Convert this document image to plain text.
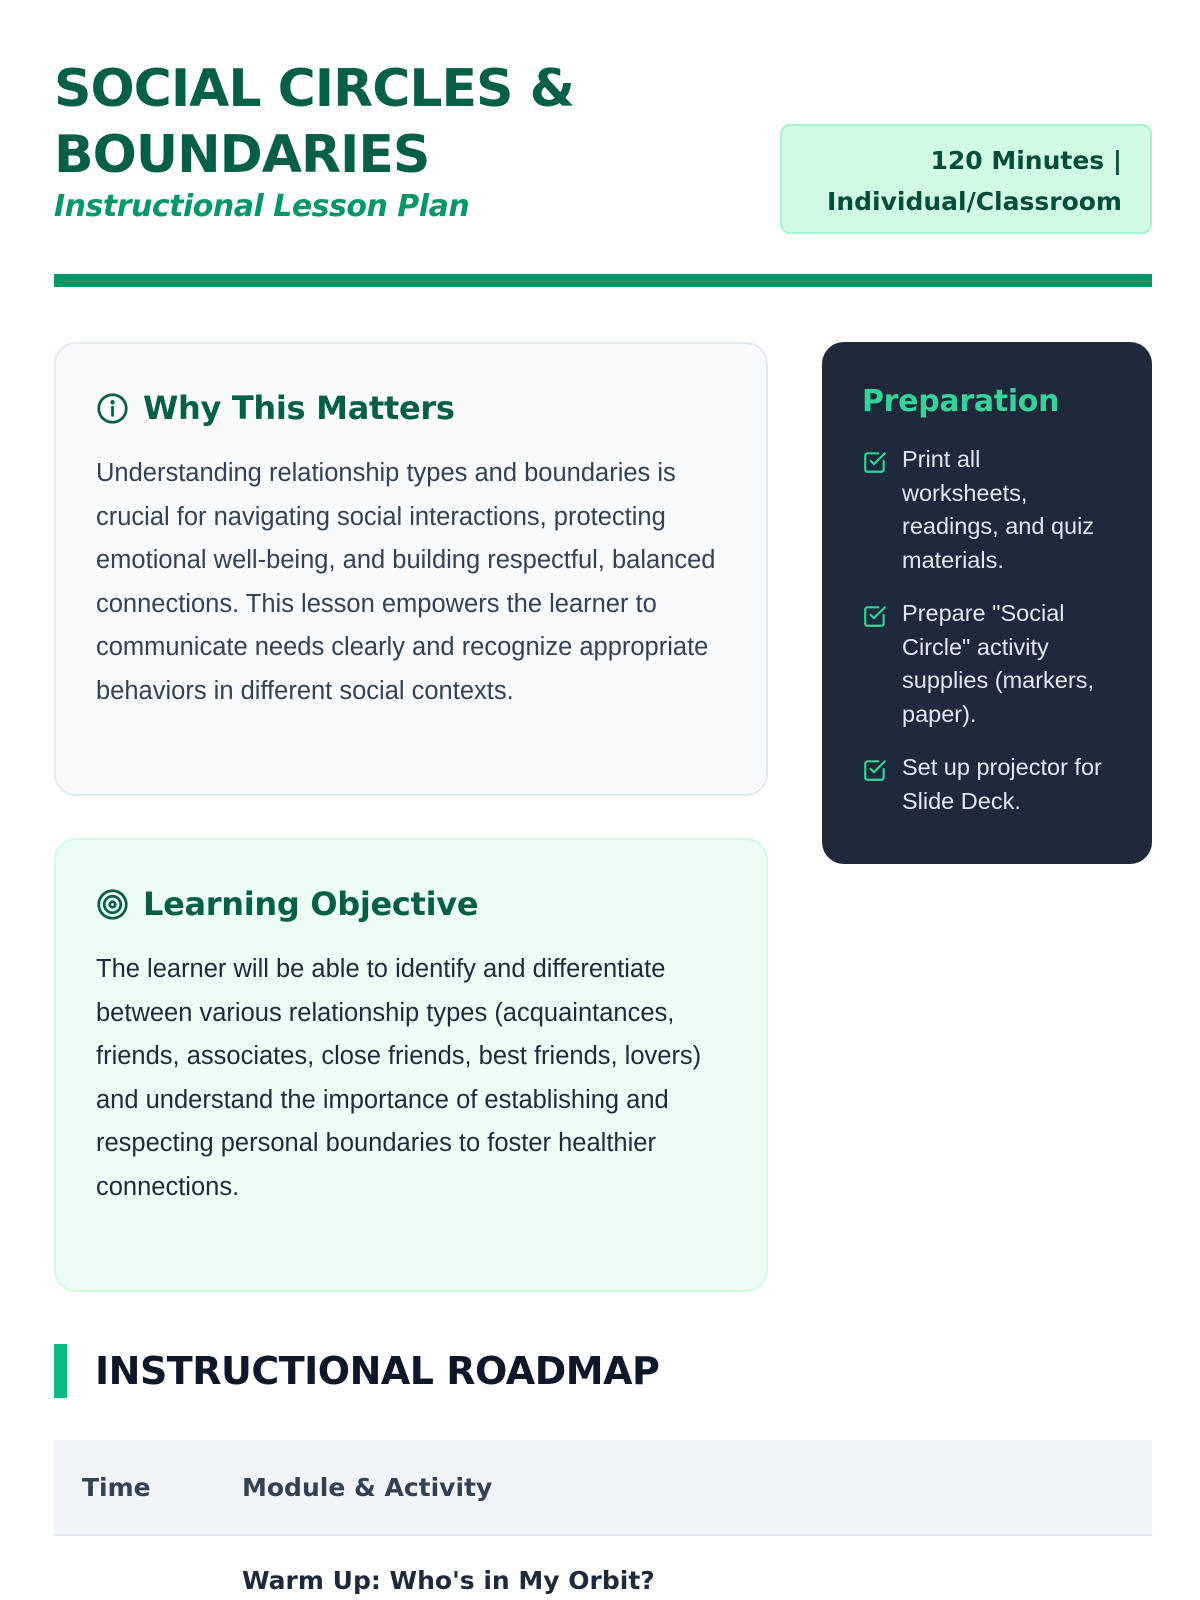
SOCIAL CIRCLES & BOUNDARIES
Instructional Lesson Plan
120 Minutes | Individual/Classroom
Why This Matters

Understanding relationship types and boundaries is crucial for navigating social interactions, protecting emotional well-being, and building respectful, balanced connections. This lesson empowers the learner to communicate needs clearly and recognize appropriate behaviors in different social contexts.

Learning Objective

The learner will be able to identify and differentiate between various relationship types (acquaintances, friends, associates, close friends, best friends, lovers) and understand the importance of establishing and respecting personal boundaries to foster healthier connections.

Preparation
Print all worksheets, readings, and quiz materials.
Prepare "Social Circle" activity supplies (markers, paper).
Set up projector for Slide Deck.
INSTRUCTIONAL ROADMAP
Time	Module & Activity
Warm Up: Who's in My Orbit?
